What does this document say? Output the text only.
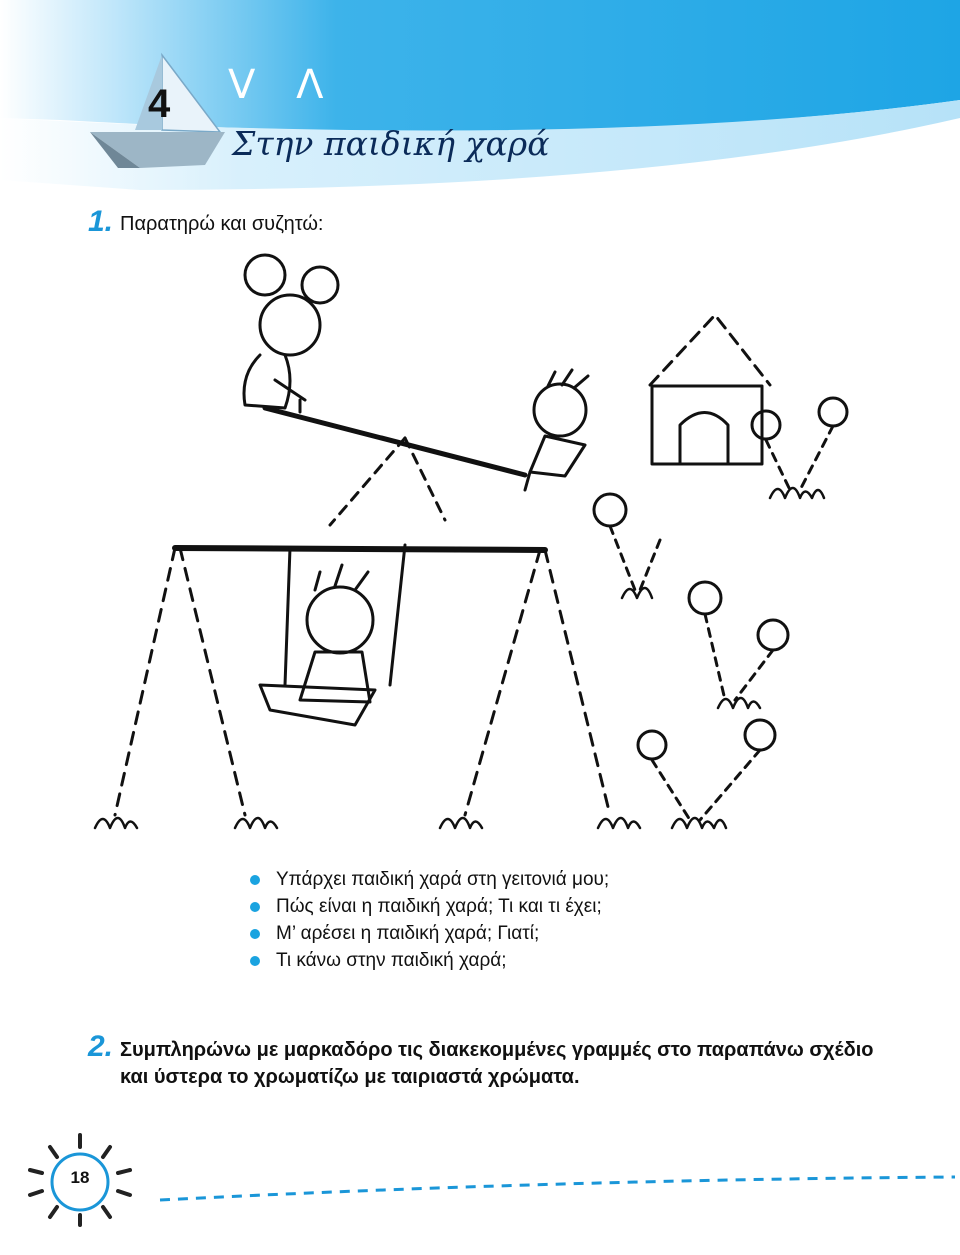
4 V Λ
Στην παιδική χαρά
1. Παρατηρώ και συζητώ:
Υπάρχει παιδική χαρά στη γειτονιά μου;
Πώς είναι η παιδική χαρά; Τι και τι έχει;
Μ’ αρέσει η παιδική χαρά; Γιατί;
Τι κάνω στην παιδική χαρά;
2. Συμπληρώνω με μαρκαδόρο τις διακεκομμένες γραμμές στο παραπάνω σχέδιο και ύστερα το χρωματίζω με ταιριαστά χρώματα.
18
